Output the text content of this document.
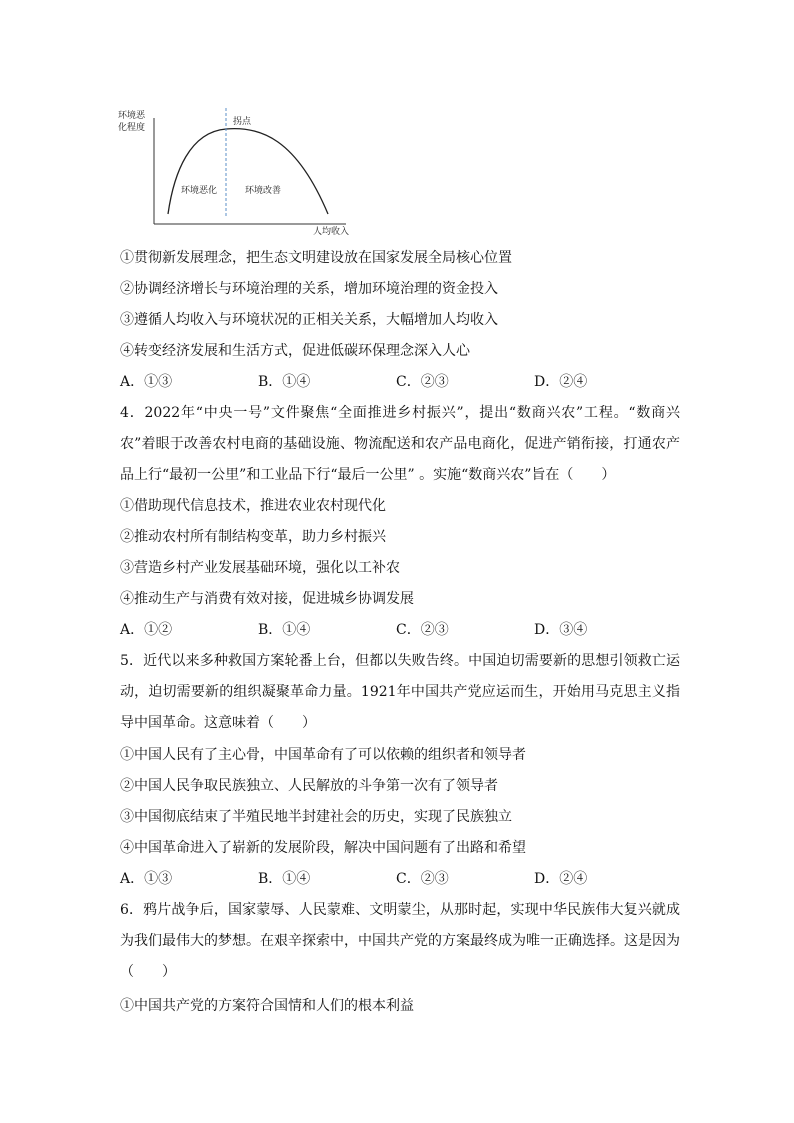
环境恶
化程度
拐点
环境恶化	环境改善
人均收入
①贯彻新发展理念，把生态文明建设放在国家发展全局核心位置
②协调经济增长与环境治理的关系，增加环境治理的资金投入
③遵循人均收入与环境状况的正相关关系，大幅增加人均收入
④转变经济发展和生活方式，促进低碳环保理念深入人心
A．①③	B．①④	C．②③	D．②④
4．2022年“中央一号”文件聚焦“全面推进乡村振兴”，提出“数商兴农”工程。“数商兴农”着眼于改善农村电商的基础设施、物流配送和农产品电商化，促进产销衔接，打通农产品上行“最初一公里”和工业品下行“最后一公里” 。实施“数商兴农”旨在（　　）
①借助现代信息技术，推进农业农村现代化
②推动农村所有制结构变革，助力乡村振兴
③营造乡村产业发展基础环境，强化以工补农
④推动生产与消费有效对接，促进城乡协调发展
A．①②	B．①④	C．②③	D．③④
5．近代以来多种救国方案轮番上台，但都以失败告终。中国迫切需要新的思想引领救亡运动，迫切需要新的组织凝聚革命力量。1921年中国共产党应运而生，开始用马克思主义指导中国革命。这意味着（　　）
①中国人民有了主心骨，中国革命有了可以依赖的组织者和领导者
②中国人民争取民族独立、人民解放的斗争第一次有了领导者
③中国彻底结束了半殖民地半封建社会的历史，实现了民族独立
④中国革命进入了崭新的发展阶段，解决中国问题有了出路和希望
A．①③	B．①④	C．②③	D．②④
6．鸦片战争后，国家蒙辱、人民蒙难、文明蒙尘，从那时起，实现中华民族伟大复兴就成为我们最伟大的梦想。在艰辛探索中，中国共产党的方案最终成为唯一正确选择。这是因为（　　）
①中国共产党的方案符合国情和人们的根本利益
